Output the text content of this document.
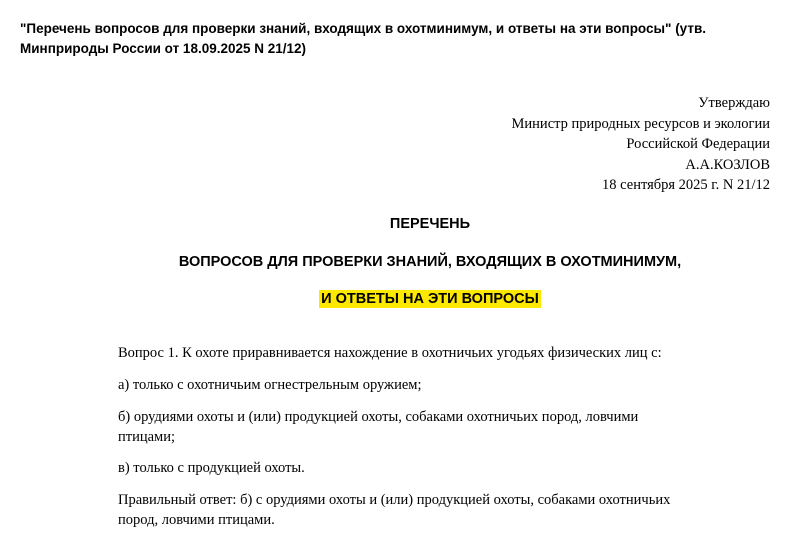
"Перечень вопросов для проверки знаний, входящих в охотминимум, и ответы на эти вопросы" (утв.
Минприроды России от 18.09.2025 N 21/12)
Утверждаю
Министр природных ресурсов и экологии
Российской Федерации
А.А.КОЗЛОВ
18 сентября 2025 г. N 21/12
ПЕРЕЧЕНЬ
ВОПРОСОВ ДЛЯ ПРОВЕРКИ ЗНАНИЙ, ВХОДЯЩИХ В ОХОТМИНИМУМ,
И ОТВЕТЫ НА ЭТИ ВОПРОСЫ
Вопрос 1. К охоте приравнивается нахождение в охотничьих угодьях физических лиц с:
а) только с охотничьим огнестрельным оружием;
б) орудиями охоты и (или) продукцией охоты, собаками охотничьих пород, ловчими
птицами;
в) только с продукцией охоты.
Правильный ответ: б) с орудиями охоты и (или) продукцией охоты, собаками охотничьих
пород, ловчими птицами.
